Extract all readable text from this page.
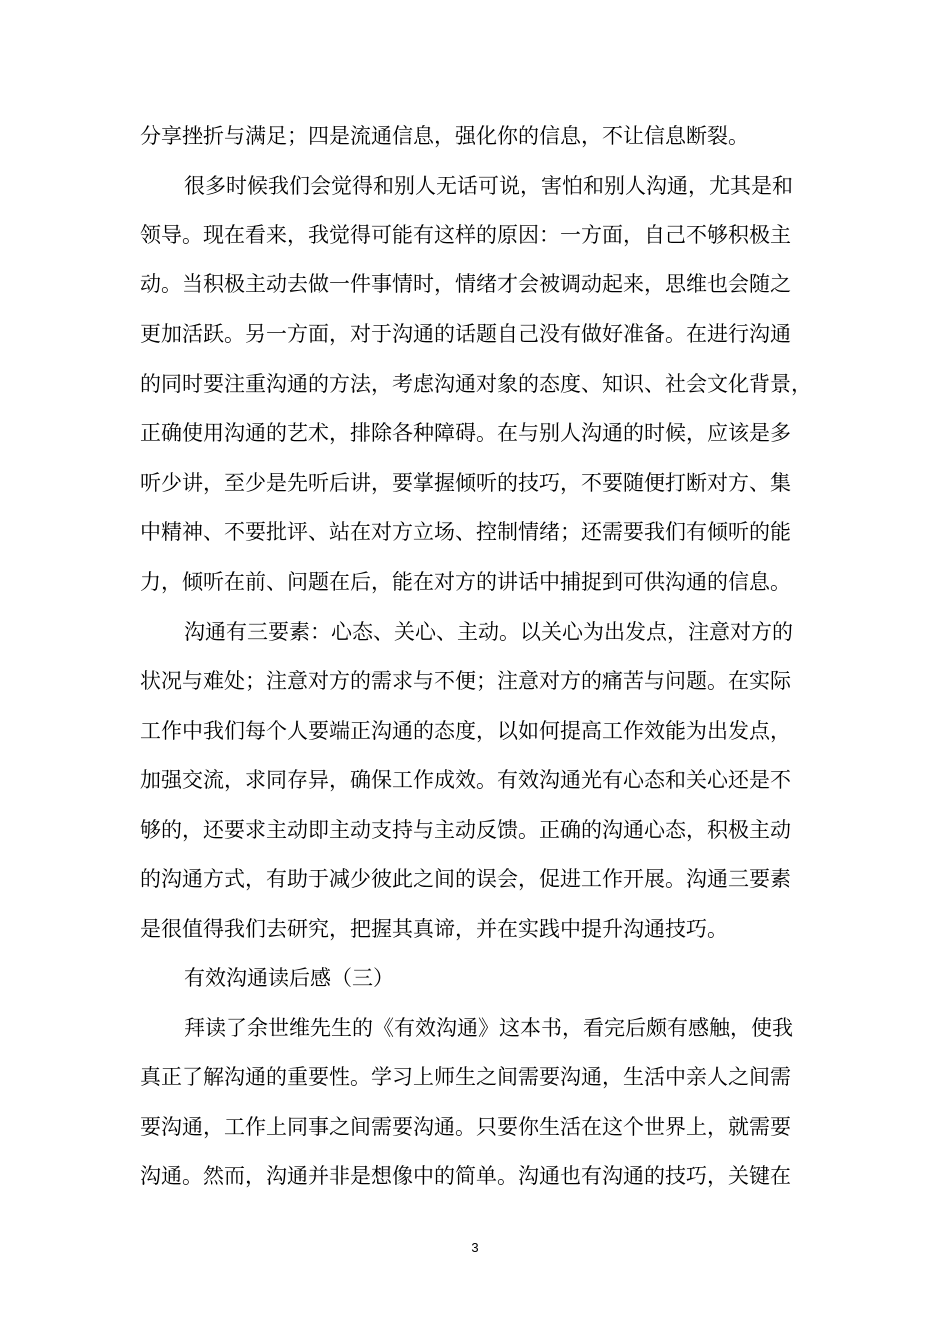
分享挫折与满足；四是流通信息，强化你的信息，不让信息断裂。
很多时候我们会觉得和别人无话可说，害怕和别人沟通，尤其是和
领导。现在看来，我觉得可能有这样的原因：一方面，自己不够积极主
动。当积极主动去做一件事情时，情绪才会被调动起来，思维也会随之
更加活跃。另一方面，对于沟通的话题自己没有做好准备。在进行沟通
的同时要注重沟通的方法，考虑沟通对象的态度、知识、社会文化背景，
正确使用沟通的艺术，排除各种障碍。在与别人沟通的时候，应该是多
听少讲，至少是先听后讲，要掌握倾听的技巧，不要随便打断对方、集
中精神、不要批评、站在对方立场、控制情绪；还需要我们有倾听的能
力，倾听在前、问题在后，能在对方的讲话中捕捉到可供沟通的信息。
沟通有三要素：心态、关心、主动。以关心为出发点，注意对方的
状况与难处；注意对方的需求与不便；注意对方的痛苦与问题。在实际
工作中我们每个人要端正沟通的态度，以如何提高工作效能为出发点，
加强交流，求同存异，确保工作成效。有效沟通光有心态和关心还是不
够的，还要求主动即主动支持与主动反馈。正确的沟通心态，积极主动
的沟通方式，有助于减少彼此之间的误会，促进工作开展。沟通三要素
是很值得我们去研究，把握其真谛，并在实践中提升沟通技巧。
有效沟通读后感（三）
拜读了余世维先生的《有效沟通》这本书，看完后颇有感触，使我
真正了解沟通的重要性。学习上师生之间需要沟通，生活中亲人之间需
要沟通，工作上同事之间需要沟通。只要你生活在这个世界上，就需要
沟通。然而，沟通并非是想像中的简单。沟通也有沟通的技巧，关键在
3
